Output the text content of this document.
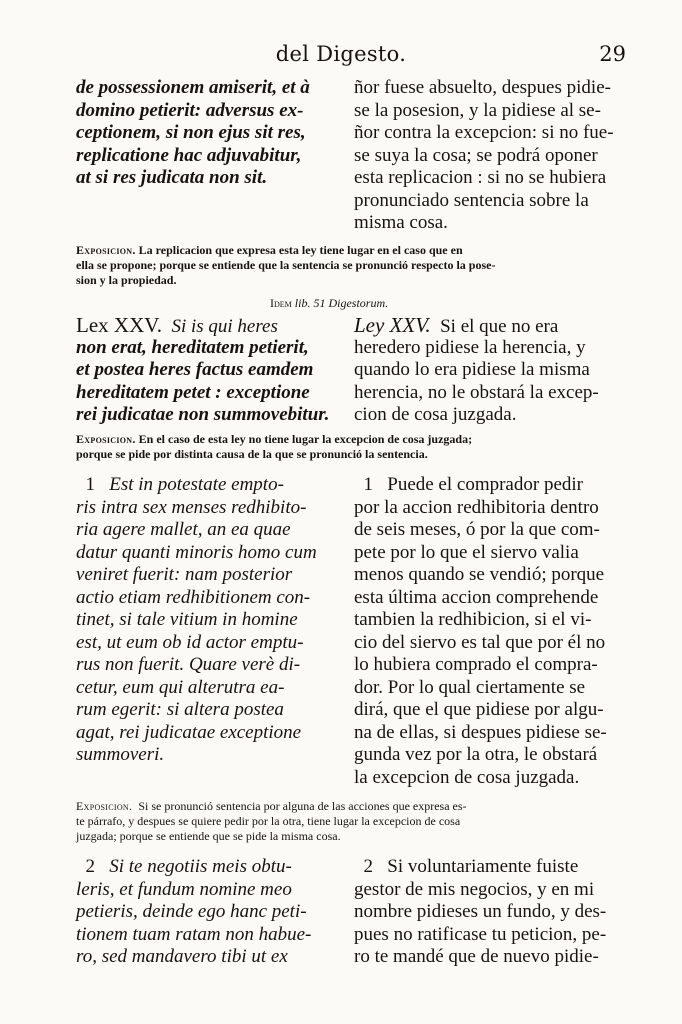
del Digesto.	29
de possessionem amiserit, et à
domino petierit: adversus ex-
ceptionem, si non ejus sit res,
replicatione hac adjuvabitur,
at si res judicata non sit.
ñor fuese absuelto, despues pidie-
se la posesion, y la pidiese al se-
ñor contra la excepcion: si no fue-
se suya la cosa; se podrá oponer
esta replicacion : si no se hubiera
pronunciado sentencia sobre la
misma cosa.
Exposicion. La replicacion que expresa esta ley tiene lugar en el caso que en
ella se propone; porque se entiende que la sentencia se pronunció respecto la pose-
sion y la propiedad.
Idem lib. 51 Digestorum.
Lex XXV. Si is qui heres
non erat, hereditatem petierit,
et postea heres factus eamdem
hereditatem petet : exceptione
rei judicatae non summovebitur.
Ley XXV. Si el que no era
heredero pidiese la herencia, y
quando lo era pidiese la misma
herencia, no le obstará la excep-
cion de cosa juzgada.
Exposicion. En el caso de esta ley no tiene lugar la excepcion de cosa juzgada;
porque se pide por distinta causa de la que se pronunció la sentencia.
1 Est in potestate empto-
ris intra sex menses redhibito-
ria agere mallet, an ea quae
datur quanti minoris homo cum
veniret fuerit: nam posterior
actio etiam redhibitionem con-
tinet, si tale vitium in homine
est, ut eum ob id actor emptu-
rus non fuerit. Quare verè di-
cetur, eum qui alterutra ea-
rum egerit: si altera postea
agat, rei judicatae exceptione
summoveri.
1 Puede el comprador pedir
por la accion redhibitoria dentro
de seis meses, ó por la que com-
pete por lo que el siervo valia
menos quando se vendió; porque
esta última accion comprehende
tambien la redhibicion, si el vi-
cio del siervo es tal que por él no
lo hubiera comprado el compra-
dor. Por lo qual ciertamente se
dirá, que el que pidiese por algu-
na de ellas, si despues pidiese se-
gunda vez por la otra, le obstará
la excepcion de cosa juzgada.
Exposicion. Si se pronunció sentencia por alguna de las acciones que expresa es-
te párrafo, y despues se quiere pedir por la otra, tiene lugar la excepcion de cosa
juzgada; porque se entiende que se pide la misma cosa.
2 Si te negotiis meis obtu-
leris, et fundum nomine meo
petieris, deinde ego hanc peti-
tionem tuam ratam non habue-
ro, sed mandavero tibi ut ex
2 Si voluntariamente fuiste
gestor de mis negocios, y en mi
nombre pidieses un fundo, y des-
pues no ratificase tu peticion, pe-
ro te mandé que de nuevo pidie-
